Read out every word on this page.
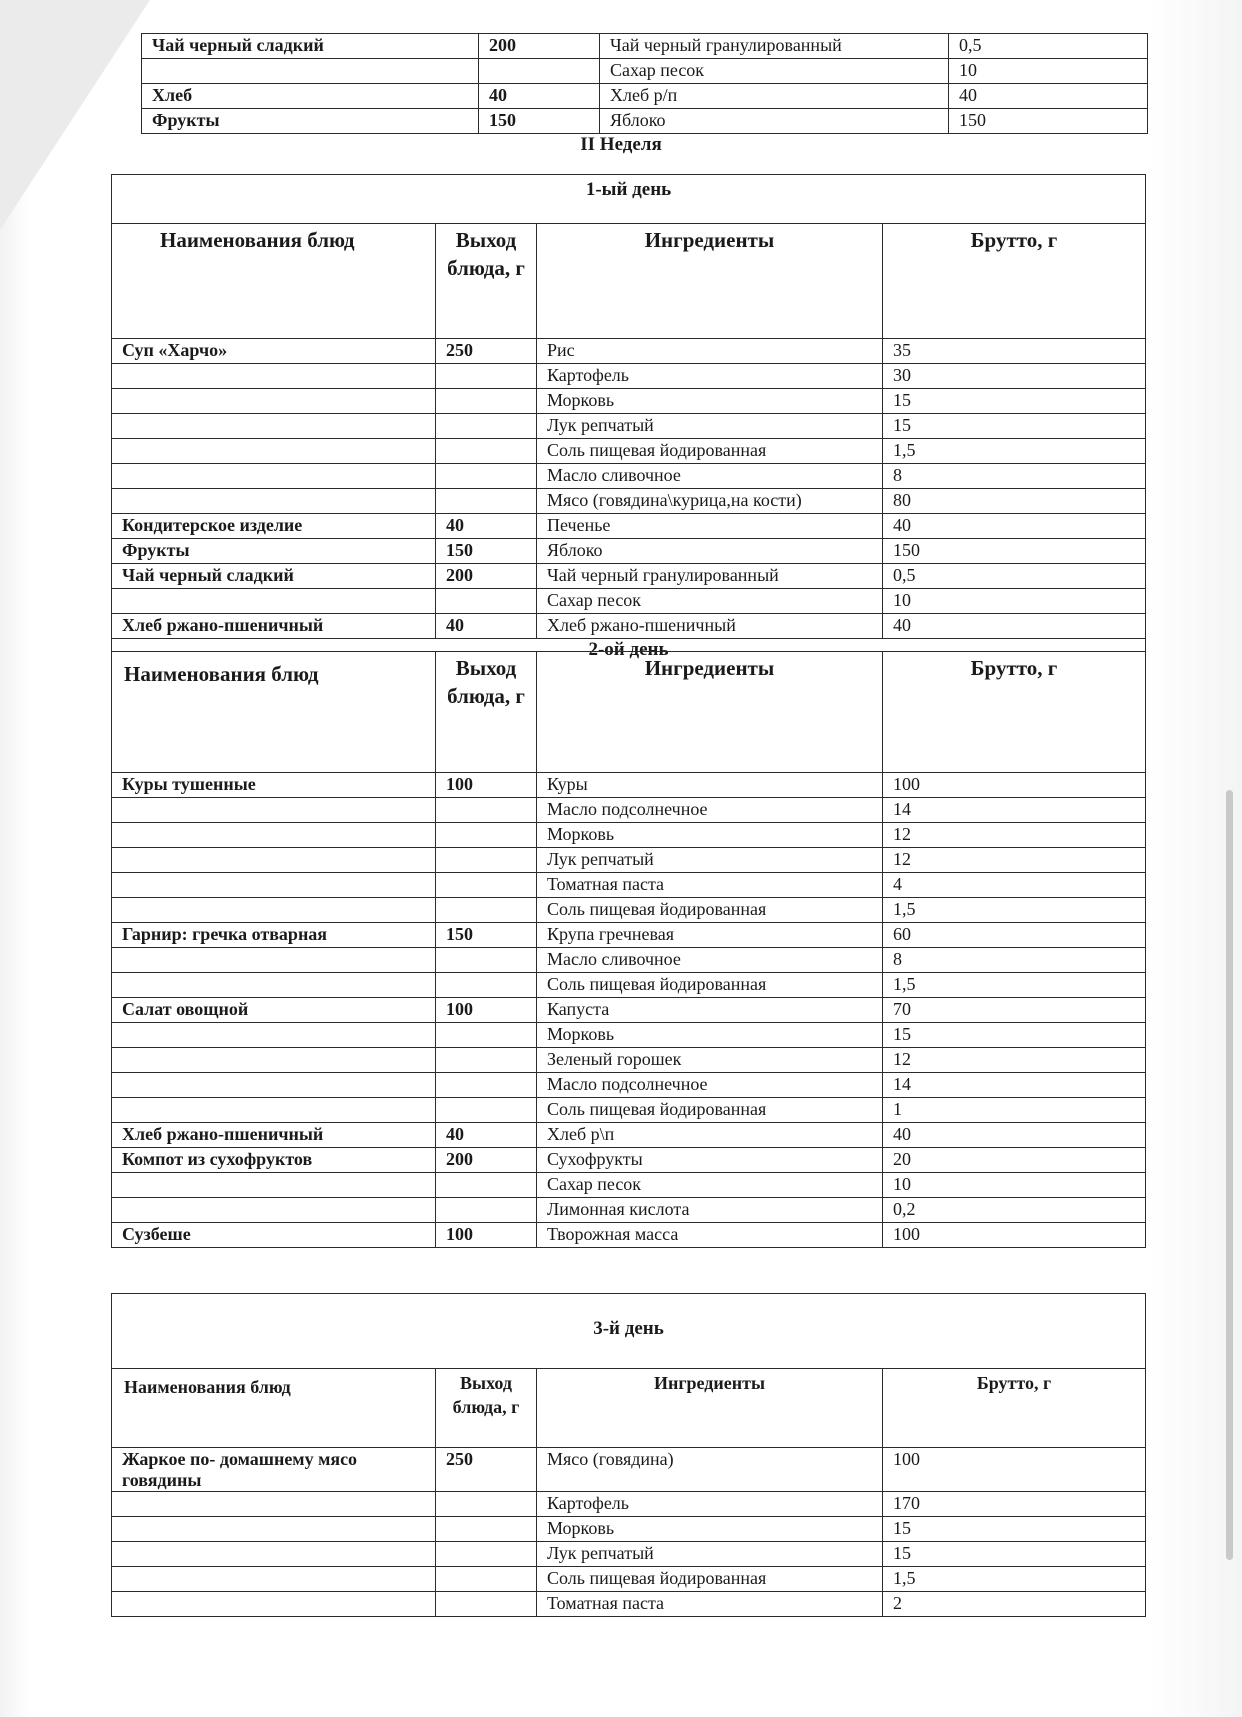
Чай черный сладкий	200	Чай черный гранулированный	0,5
		Сахар песок	10
Хлеб	40	Хлеб р/п	40
Фрукты	150	Яблоко	150
II Неделя
1-ый день			
Наименования блюд	Выход блюда, г	Ингредиенты	Брутто, г
Суп «Харчо»	250	Рис	35
		Картофель	30
		Морковь	15
		Лук репчатый	15
		Соль пищевая йодированная	1,5
		Масло сливочное	8
		Мясо (говядина\курица,на кости)	80
Кондитерское изделие	40	Печенье	40
Фрукты	150	Яблоко	150
Чай черный сладкий	200	Чай черный гранулированный	0,5
		Сахар песок	10
Хлеб ржано-пшеничный	40	Хлеб ржано-пшеничный	40
2-ой день			
Наименования блюд	Выход блюда, г	Ингредиенты	Брутто, г
Куры тушенные	100	Куры	100
		Масло подсолнечное	14
		Морковь	12
		Лук репчатый	12
		Томатная паста	4
		Соль пищевая йодированная	1,5
Гарнир: гречка отварная	150	Крупа гречневая	60
		Масло сливочное	8
		Соль пищевая йодированная	1,5
Салат овощной	100	Капуста	70
		Морковь	15
		Зеленый горошек	12
		Масло подсолнечное	14
		Соль пищевая йодированная	1
Хлеб ржано-пшеничный	40	Хлеб р\п	40
Компот из сухофруктов	200	Сухофрукты	20
		Сахар песок	10
		Лимонная кислота	0,2
Сузбеше	100	Творожная масса	100
3-й день			
Наименования блюд	Выход блюда, г	Ингредиенты	Брутто, г
Жаркое по- домашнему мясо говядины	250	Мясо (говядина)	100
		Картофель	170
		Морковь	15
		Лук репчатый	15
		Соль пищевая йодированная	1,5
		Томатная паста	2
